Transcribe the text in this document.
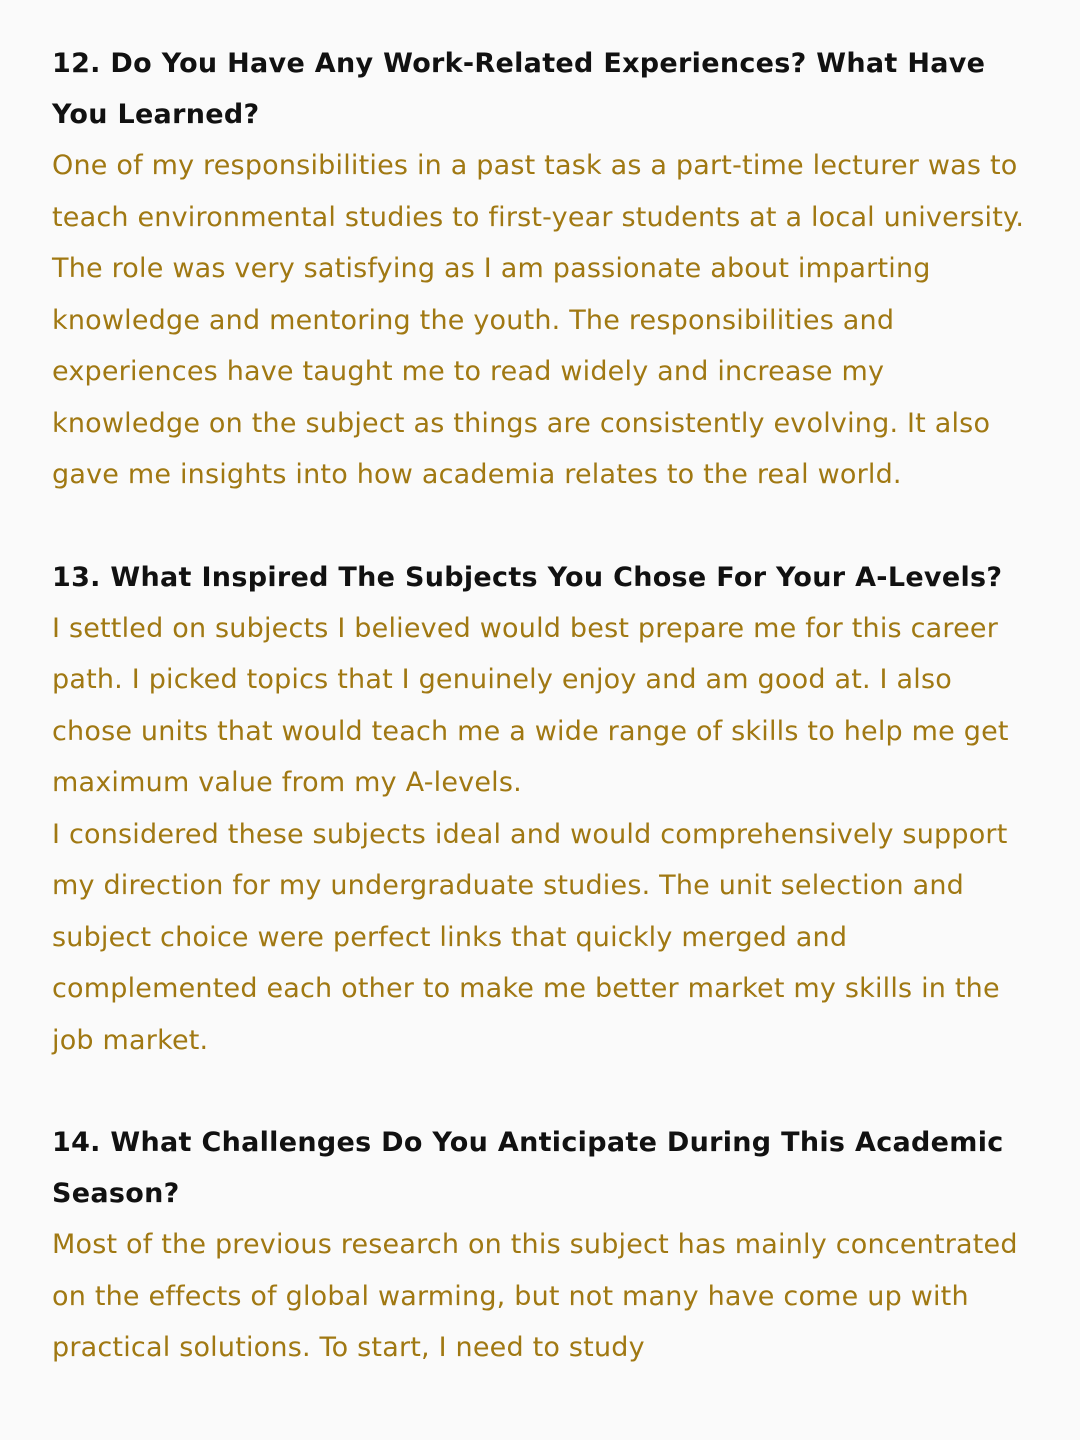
12. Do You Have Any Work-Related Experiences? What Have You Learned?

One of my responsibilities in a past task as a part-time lecturer was to teach environmental studies to first-year students at a local university. The role was very satisfying as I am passionate about imparting knowledge and mentoring the youth. The responsibilities and experiences have taught me to read widely and increase my knowledge on the subject as things are consistently evolving. It also gave me insights into how academia relates to the real world.

13. What Inspired The Subjects You Chose For Your A-Levels?

I settled on subjects I believed would best prepare me for this career path. I picked topics that I genuinely enjoy and am good at. I also chose units that would teach me a wide range of skills to help me get maximum value from my A-levels.

I considered these subjects ideal and would comprehensively support my direction for my undergraduate studies. The unit selection and subject choice were perfect links that quickly merged and complemented each other to make me better market my skills in the job market.

14. What Challenges Do You Anticipate During This Academic Season?

Most of the previous research on this subject has mainly concentrated on the effects of global warming, but not many have come up with practical solutions. To start, I need to study
